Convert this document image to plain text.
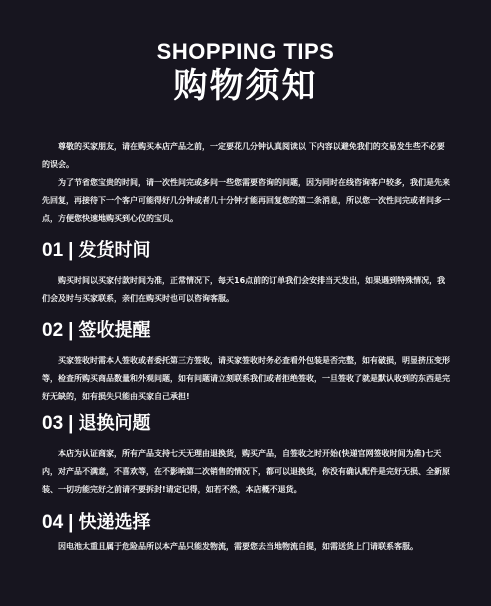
SHOPPING TIPS
购物须知

尊敬的买家朋友，请在购买本店产品之前，一定要花几分钟认真阅读以 下内容以避免我们的交易发生些不必要的误会。

为了节省您宝贵的时间，请一次性问完或多问一些您需要咨询的问题，因为同时在线咨询客户较多，我们是先来先回复，再接待下一个客户可能得好几分钟或者几十分钟才能再回复您的第二条消息，所以您一次性问完或者问多一点，方便您快速地购买到心仪的宝贝。

01 | 发货时间

购买时间以买家付款时间为准，正常情况下，每天16点前的订单我们会安排当天发出，如果遇到特殊情况，我们会及时与买家联系，亲们在购买时也可以咨询客服。

02 | 签收提醒

买家签收时需本人签收或者委托第三方签收，请买家签收时务必查看外包装是否完整，如有破损，明显挤压变形等，检查所购买商品数量和外观问题，如有问题请立刻联系我们或者拒绝签收，一旦签收了就是默认收到的东西是完好无缺的，如有损失只能由买家自己承担!

03 | 退换问题

本店为认证商家，所有产品支持七天无理由退换货，购买产品，自签收之时开始(快递官网签收时间为准)七天内，对产品不满意，不喜欢等，在不影响第二次销售的情况下，都可以退换货，你没有确认配件是完好无损、全新原装、一切功能完好之前请不要拆封!请定记得，如若不然，本店概不退货。

04 | 快递选择

因电池太重且属于危险品所以本产品只能发物流，需要您去当地物流自提，如需送货上门请联系客服。
